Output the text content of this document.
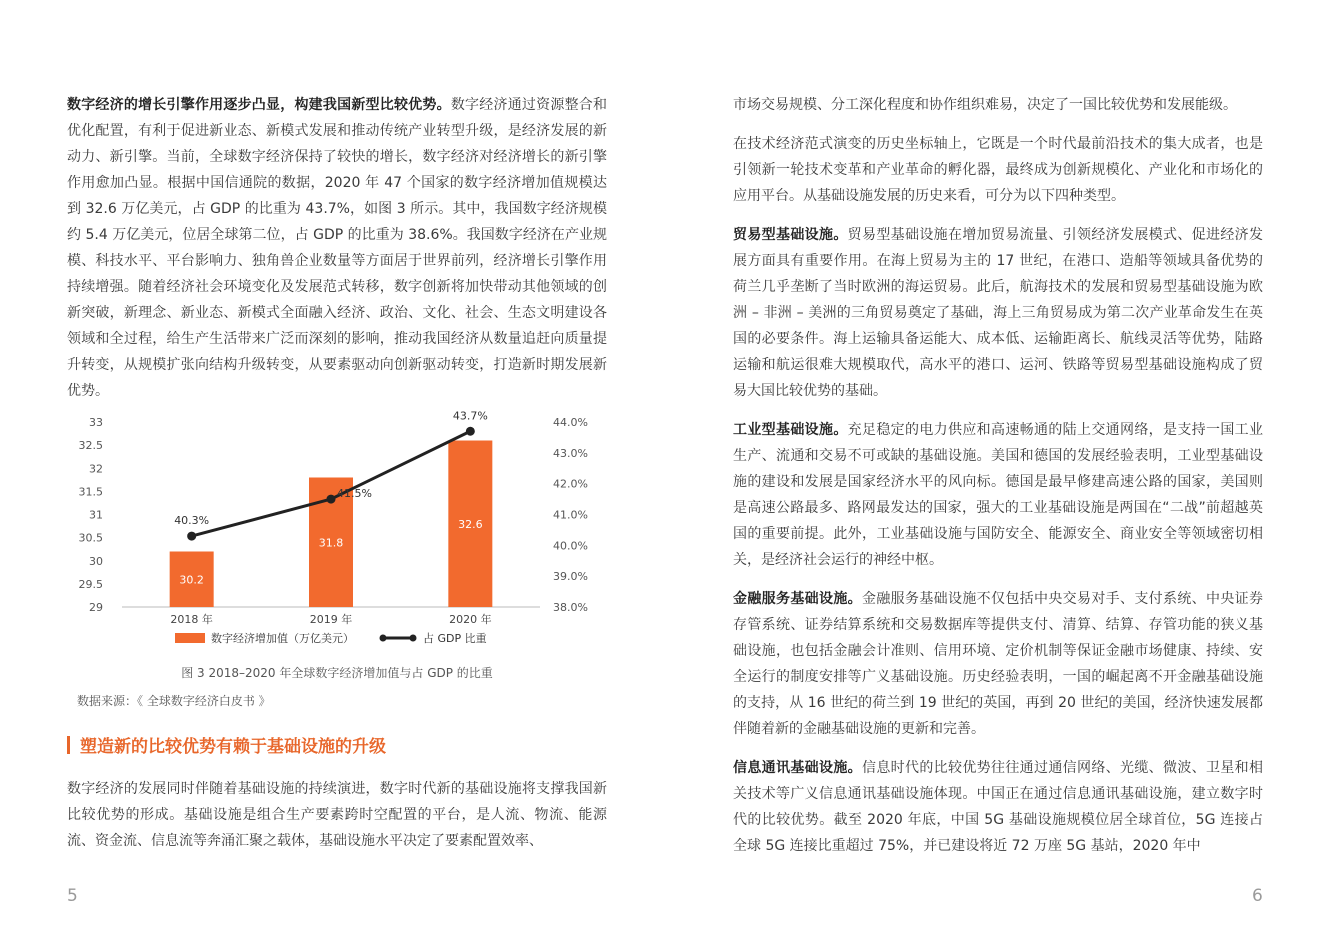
数字经济的增长引擎作用逐步凸显，构建我国新型比较优势。数字经济通过资源整合和优化配置，有利于促进新业态、新模式发展和推动传统产业转型升级，是经济发展的新动力、新引擎。当前，全球数字经济保持了较快的增长，数字经济对经济增长的新引擎作用愈加凸显。根据中国信通院的数据，2020 年 47 个国家的数字经济增加值规模达到 32.6 万亿美元，占 GDP 的比重为 43.7%，如图 3 所示。其中，我国数字经济规模约 5.4 万亿美元，位居全球第二位，占 GDP 的比重为 38.6%。我国数字经济在产业规模、科技水平、平台影响力、独角兽企业数量等方面居于世界前列，经济增长引擎作用持续增强。随着经济社会环境变化及发展范式转移，数字创新将加快带动其他领域的创新突破，新理念、新业态、新模式全面融入经济、政治、文化、社会、生态文明建设各领域和全过程，给生产生活带来广泛而深刻的影响，推动我国经济从数量追赶向质量提升转变，从规模扩张向结构升级转变，从要素驱动向创新驱动转变，打造新时期发展新优势。

29
29.5
30
30.5
31
31.5
32
32.5
33
38.0%
39.0%
40.0%
41.0%
42.0%
43.0%
44.0%
30.2
31.8
32.6
2018 年	2019 年	2020 年
40.3%
41.5%
43.7%
数字经济增加值（万亿美元）	占 GDP 比重
图 3 2018–2020 年全球数字经济增加值与占 GDP 的比重
数据来源：《 全球数字经济白皮书 》
塑造新的比较优势有赖于基础设施的升级

数字经济的发展同时伴随着基础设施的持续演进，数字时代新的基础设施将支撑我国新比较优势的形成。基础设施是组合生产要素跨时空配置的平台，是人流、物流、能源流、资金流、信息流等奔涌汇聚之载体，基础设施水平决定了要素配置效率、

5

市场交易规模、分工深化程度和协作组织难易，决定了一国比较优势和发展能级。

在技术经济范式演变的历史坐标轴上，它既是一个时代最前沿技术的集大成者，也是引领新一轮技术变革和产业革命的孵化器，最终成为创新规模化、产业化和市场化的应用平台。从基础设施发展的历史来看，可分为以下四种类型。

贸易型基础设施。贸易型基础设施在增加贸易流量、引领经济发展模式、促进经济发展方面具有重要作用。在海上贸易为主的 17 世纪，在港口、造船等领域具备优势的荷兰几乎垄断了当时欧洲的海运贸易。此后，航海技术的发展和贸易型基础设施为欧洲 – 非洲 – 美洲的三角贸易奠定了基础，海上三角贸易成为第二次产业革命发生在英国的必要条件。海上运输具备运能大、成本低、运输距离长、航线灵活等优势，陆路运输和航运很难大规模取代，高水平的港口、运河、铁路等贸易型基础设施构成了贸易大国比较优势的基础。

工业型基础设施。充足稳定的电力供应和高速畅通的陆上交通网络，是支持一国工业生产、流通和交易不可或缺的基础设施。美国和德国的发展经验表明，工业型基础设施的建设和发展是国家经济水平的风向标。德国是最早修建高速公路的国家，美国则是高速公路最多、路网最发达的国家，强大的工业基础设施是两国在“二战”前超越英国的重要前提。此外，工业基础设施与国防安全、能源安全、商业安全等领域密切相关，是经济社会运行的神经中枢。

金融服务基础设施。金融服务基础设施不仅包括中央交易对手、支付系统、中央证券存管系统、证券结算系统和交易数据库等提供支付、清算、结算、存管功能的狭义基础设施，也包括金融会计准则、信用环境、定价机制等保证金融市场健康、持续、安全运行的制度安排等广义基础设施。历史经验表明，一国的崛起离不开金融基础设施的支持，从 16 世纪的荷兰到 19 世纪的英国，再到 20 世纪的美国，经济快速发展都伴随着新的金融基础设施的更新和完善。

信息通讯基础设施。信息时代的比较优势往往通过通信网络、光缆、微波、卫星和相关技术等广义信息通讯基础设施体现。中国正在通过信息通讯基础设施，建立数字时代的比较优势。截至 2020 年底，中国 5G 基础设施规模位居全球首位，5G 连接占全球 5G 连接比重超过 75%，并已建设将近 72 万座 5G 基站，2020 年中

6
